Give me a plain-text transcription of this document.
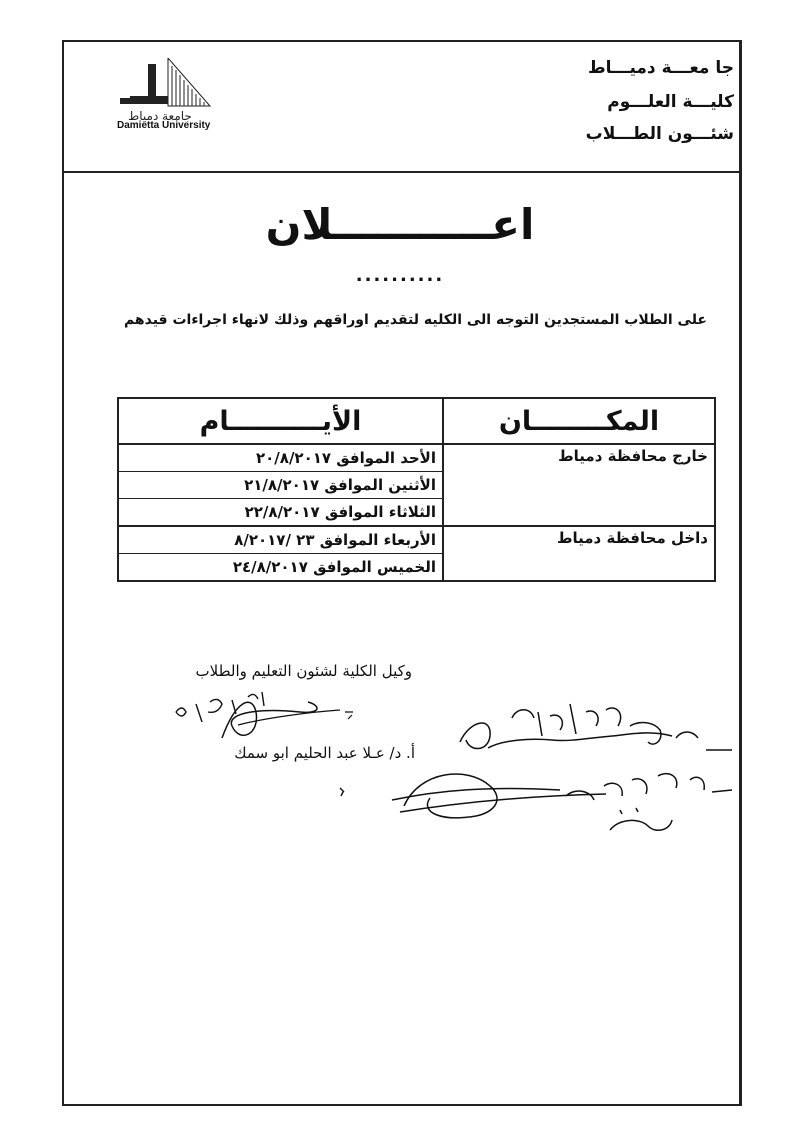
جا معـــة دميـــاط
كليـــة العلـــوم
شئـــون الطـــلاب
جامعة دمياط
Damietta University
اعـــــــــــلان
..........
على الطلاب المستجدين التوجه الى الكليه لتقديم اوراقهم وذلك لانهاء اجراءات قيدهم
المكــــــــان	الأيــــــــــام
خارج محافظة دمياط	الأحد الموافق ٢٠/٨/٢٠١٧
الأثنين الموافق ٢١/٨/٢٠١٧
الثلاثاء الموافق ٢٢/٨/٢٠١٧

داخل محافظة دمياط	الأربعاء الموافق ٢٣ /٨/٢٠١٧
الخميس الموافق ٢٤/٨/٢٠١٧
وكيل الكلية لشئون التعليم والطلاب
أ. د/ عـلا عبد الحليم ابو سمك
